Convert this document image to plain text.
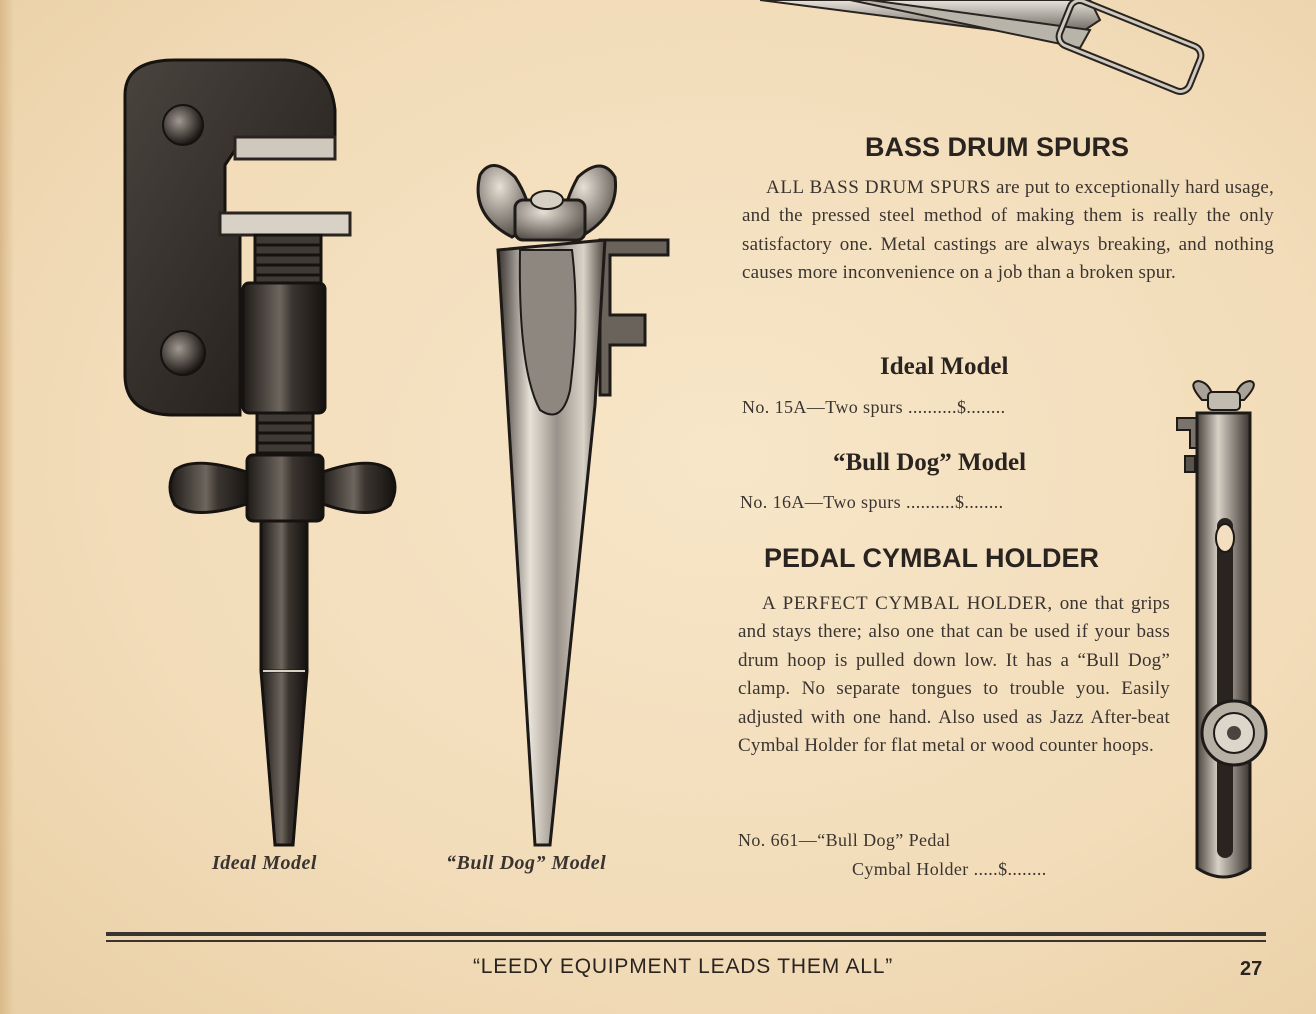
Ideal Model	“Bull Dog” Model
BASS DRUM SPURS
ALL BASS DRUM SPURS are put to exceptionally hard usage, and the pressed steel method of making them is really the only satisfactory one. Metal castings are always breaking, and nothing causes more inconvenience on a job than a broken spur.
Ideal Model
No. 15A—Two spurs ..........$........
“Bull Dog” Model
No. 16A—Two spurs ..........$........
PEDAL CYMBAL HOLDER
A PERFECT CYMBAL HOLDER, one that grips and stays there; also one that can be used if your bass drum hoop is pulled down low. It has a “Bull Dog” clamp. No separate tongues to trouble you. Easily adjusted with one hand. Also used as Jazz After-beat Cymbal Holder for flat metal or wood counter hoops.
No. 661—“Bull Dog” Pedal
Cymbal Holder .....$........
“LEEDY EQUIPMENT LEADS THEM ALL”	27
